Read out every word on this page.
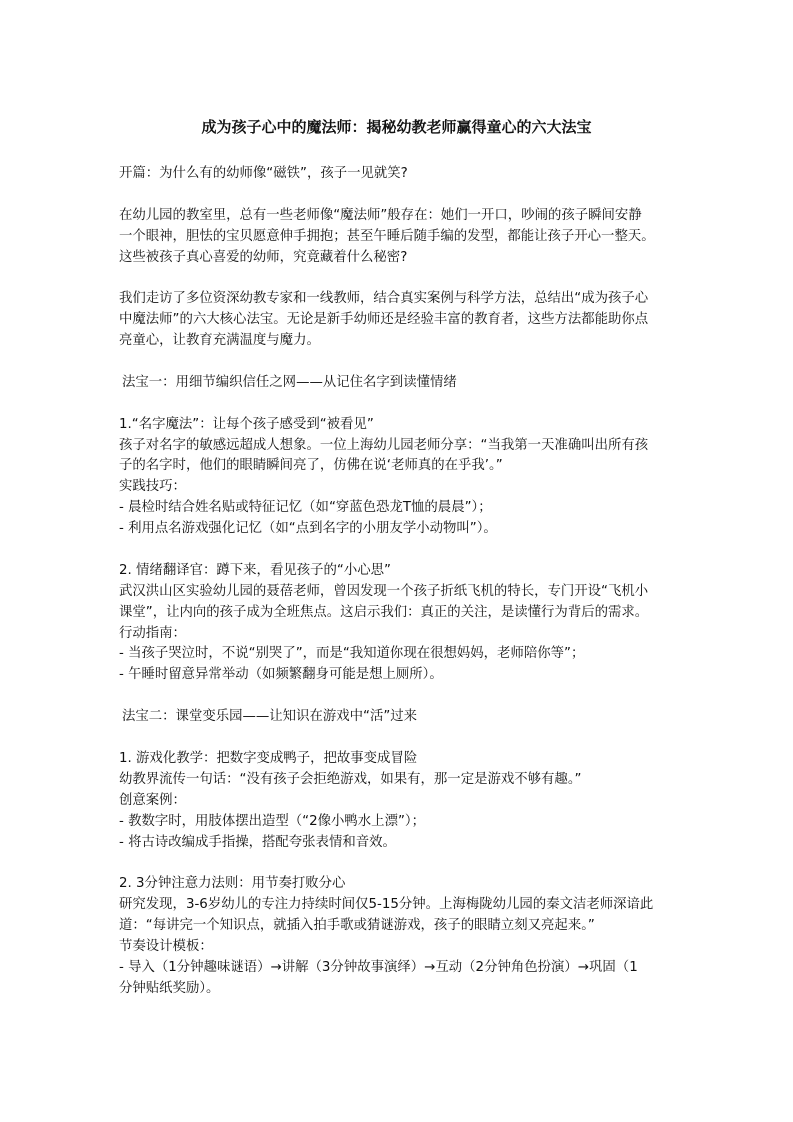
成为孩子心中的魔法师：揭秘幼教老师赢得童心的六大法宝
开篇：为什么有的幼师像“磁铁”，孩子一见就笑?
在幼儿园的教室里，总有一些老师像“魔法师”般存在：她们一开口，吵闹的孩子瞬间安静
一个眼神，胆怯的宝贝愿意伸手拥抱；甚至午睡后随手编的发型，都能让孩子开心一整天。
这些被孩子真心喜爱的幼师，究竟藏着什么秘密?
我们走访了多位资深幼教专家和一线教师，结合真实案例与科学方法，总结出“成为孩子心
中魔法师”的六大核心法宝。无论是新手幼师还是经验丰富的教育者，这些方法都能助你点
亮童心，让教育充满温度与魔力。
法宝一：用细节编织信任之网——从记住名字到读懂情绪
1.“名字魔法”：让每个孩子感受到“被看见”
孩子对名字的敏感远超成人想象。一位上海幼儿园老师分享：“当我第一天准确叫出所有孩
子的名字时，他们的眼睛瞬间亮了，仿佛在说‘老师真的在乎我’。”
实践技巧：
- 晨检时结合姓名贴或特征记忆（如“穿蓝色恐龙T恤的晨晨”）；
- 利用点名游戏强化记忆（如“点到名字的小朋友学小动物叫”）。
2. 情绪翻译官：蹲下来，看见孩子的“小心思”
武汉洪山区实验幼儿园的聂蓓老师，曾因发现一个孩子折纸飞机的特长，专门开设“飞机小
课堂”，让内向的孩子成为全班焦点。这启示我们：真正的关注，是读懂行为背后的需求。
行动指南：
- 当孩子哭泣时，不说“别哭了”，而是“我知道你现在很想妈妈，老师陪你等”；
- 午睡时留意异常举动（如频繁翻身可能是想上厕所）。
法宝二：课堂变乐园——让知识在游戏中“活”过来
1. 游戏化教学：把数字变成鸭子，把故事变成冒险
幼教界流传一句话：“没有孩子会拒绝游戏，如果有，那一定是游戏不够有趣。”
创意案例：
- 教数字时，用肢体摆出造型（“2像小鸭水上漂”）；
- 将古诗改编成手指操，搭配夸张表情和音效。
2. 3分钟注意力法则：用节奏打败分心
研究发现，3-6岁幼儿的专注力持续时间仅5-15分钟。上海梅陇幼儿园的秦文洁老师深谙此
道：“每讲完一个知识点，就插入拍手歌或猜谜游戏，孩子的眼睛立刻又亮起来。”
节奏设计模板：
- 导入（1分钟趣味谜语）→讲解（3分钟故事演绎）→互动（2分钟角色扮演）→巩固（1
分钟贴纸奖励）。
